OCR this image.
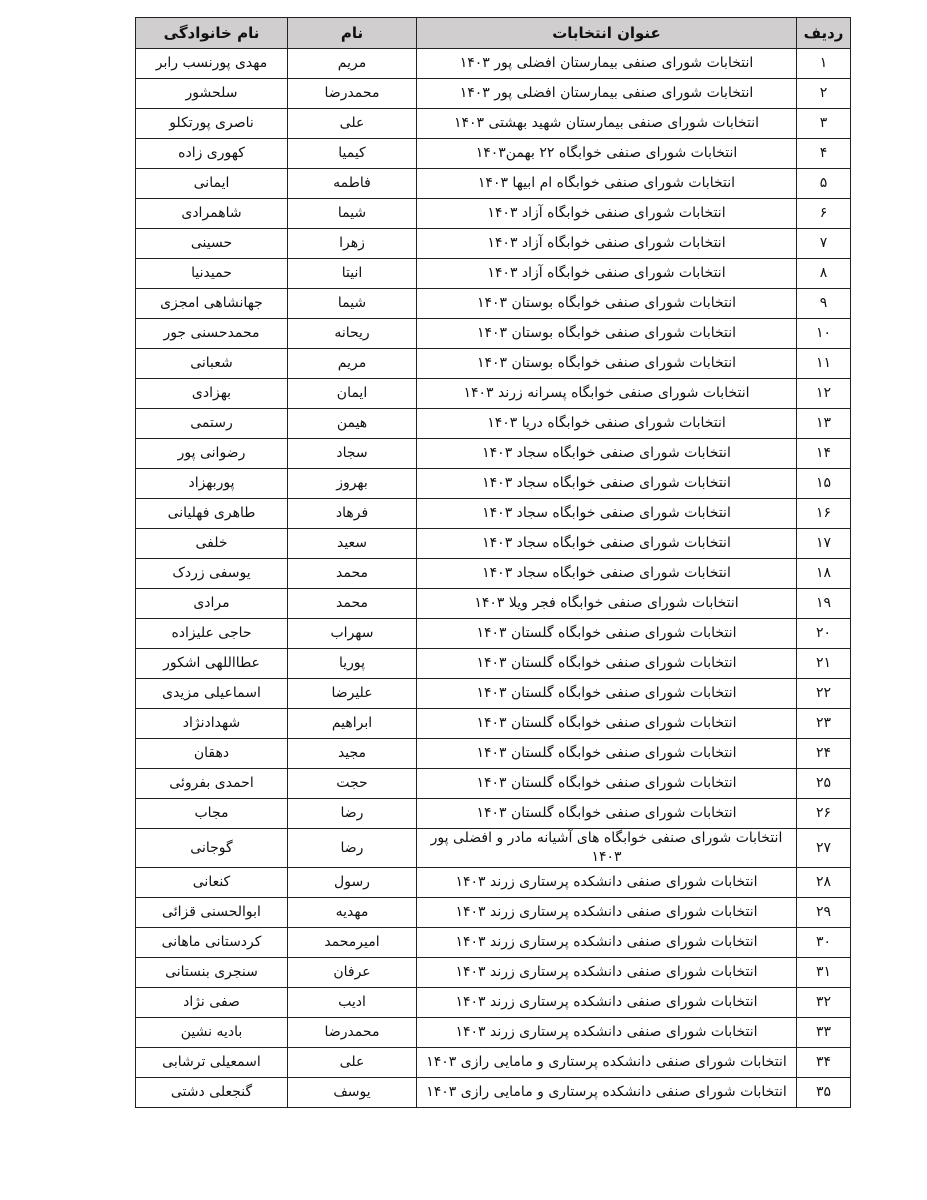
ردیف	عنوان انتخابات	نام	نام خانوادگی
۱	انتخابات شورای صنفی بیمارستان افضلی پور ۱۴۰۳	مریم	مهدی پورنسب رابر
۲	انتخابات شورای صنفی بیمارستان افضلی پور ۱۴۰۳	محمدرضا	سلحشور
۳	انتخابات شورای صنفی بیمارستان شهید بهشتی ۱۴۰۳	علی	ناصری پورتکلو
۴	انتخابات شورای صنفی خوابگاه ۲۲ بهمن۱۴۰۳	کیمیا	کهوری زاده
۵	انتخابات شورای صنفی خوابگاه ام ابیها ۱۴۰۳	فاطمه	ایمانی
۶	انتخابات شورای صنفی خوابگاه آزاد ۱۴۰۳	شیما	شاهمرادی
۷	انتخابات شورای صنفی خوابگاه آزاد ۱۴۰۳	زهرا	حسینی
۸	انتخابات شورای صنفی خوابگاه آزاد ۱۴۰۳	انیتا	حمیدنیا
۹	انتخابات شورای صنفی خوابگاه بوستان ۱۴۰۳	شیما	جهانشاهی امجزی
۱۰	انتخابات شورای صنفی خوابگاه بوستان ۱۴۰۳	ریحانه	محمدحسنی جور
۱۱	انتخابات شورای صنفی خوابگاه بوستان ۱۴۰۳	مریم	شعبانی
۱۲	انتخابات شورای صنفی خوابگاه پسرانه زرند ۱۴۰۳	ایمان	بهزادی
۱۳	انتخابات شورای صنفی خوابگاه دریا ۱۴۰۳	هیمن	رستمی
۱۴	انتخابات شورای صنفی خوابگاه سجاد ۱۴۰۳	سجاد	رضوانی پور
۱۵	انتخابات شورای صنفی خوابگاه سجاد ۱۴۰۳	بهروز	پوربهزاد
۱۶	انتخابات شورای صنفی خوابگاه سجاد ۱۴۰۳	فرهاد	طاهری فهلیانی
۱۷	انتخابات شورای صنفی خوابگاه سجاد ۱۴۰۳	سعید	خلفی
۱۸	انتخابات شورای صنفی خوابگاه سجاد ۱۴۰۳	محمد	یوسفی زردک
۱۹	انتخابات شورای صنفی خوابگاه فجر ویلا ۱۴۰۳	محمد	مرادی
۲۰	انتخابات شورای صنفی خوابگاه گلستان ۱۴۰۳	سهراب	حاجی علیزاده
۲۱	انتخابات شورای صنفی خوابگاه گلستان ۱۴۰۳	پوریا	عطااللهی اشکور
۲۲	انتخابات شورای صنفی خوابگاه گلستان ۱۴۰۳	علیرضا	اسماعیلی مزیدی
۲۳	انتخابات شورای صنفی خوابگاه گلستان ۱۴۰۳	ابراهیم	شهدادنژاد
۲۴	انتخابات شورای صنفی خوابگاه گلستان ۱۴۰۳	مجید	دهقان
۲۵	انتخابات شورای صنفی خوابگاه گلستان ۱۴۰۳	حجت	احمدی بفروئی
۲۶	انتخابات شورای صنفی خوابگاه گلستان ۱۴۰۳	رضا	مجاب
۲۷	انتخابات شورای صنفی خوابگاه های آشیانه مادر و افضلی پور ۱۴۰۳	رضا	گوجانی
۲۸	انتخابات شورای صنفی دانشکده پرستاری زرند ۱۴۰۳	رسول	کنعانی
۲۹	انتخابات شورای صنفی دانشکده پرستاری زرند ۱۴۰۳	مهدیه	ابوالحسنی قزائی
۳۰	انتخابات شورای صنفی دانشکده پرستاری زرند ۱۴۰۳	امیرمحمد	کردستانی ماهانی
۳۱	انتخابات شورای صنفی دانشکده پرستاری زرند ۱۴۰۳	عرفان	سنجری بنستانی
۳۲	انتخابات شورای صنفی دانشکده پرستاری زرند ۱۴۰۳	ادیب	صفی نژاد
۳۳	انتخابات شورای صنفی دانشکده پرستاری زرند ۱۴۰۳	محمدرضا	بادیه نشین
۳۴	انتخابات شورای صنفی دانشکده پرستاری و مامایی رازی ۱۴۰۳	علی	اسمعیلی ترشابی
۳۵	انتخابات شورای صنفی دانشکده پرستاری و مامایی رازی ۱۴۰۳	یوسف	گنجعلی دشتی
